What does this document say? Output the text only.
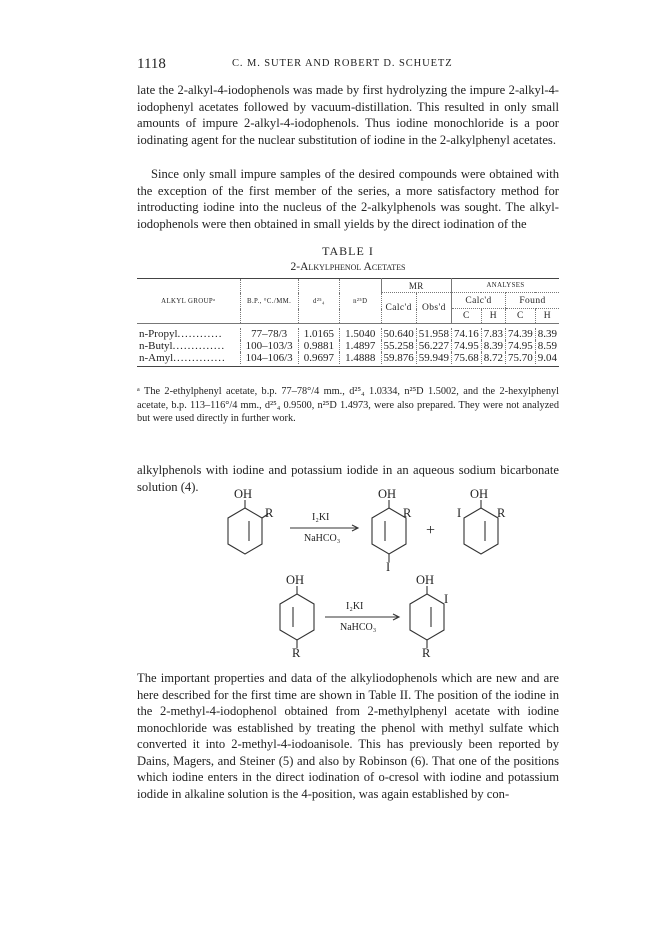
1118	C. M. SUTER AND ROBERT D. SCHUETZ
late the 2-alkyl-4-iodophenols was made by first hydrolyzing the impure 2-alkyl-4-iodophenyl acetates followed by vacuum-distillation. This resulted in only small amounts of impure 2-alkyl-4-iodophenols. Thus iodine monochloride is a poor iodinating agent for the nuclear substitution of iodine in the 2-alkylphenyl acetates.
Since only small impure samples of the desired compounds were obtained with the exception of the first member of the series, a more satisfactory method for introducting iodine into the nucleus of the 2-alkylphenols was sought. The alkyl-iodophenols were then obtained in small yields by the direct iodination of the
TABLE I
2-Alkylphenol Acetates
ALKYL GROUPᵃ	B.P., °C./MM.	d²⁵₄	n²⁵D	MR		ANALYSES			
				Calc'd	Obs'd	Calc'd		Found	
						C	H	C	H

n-Propyl............	77–78/3	1.0165	1.5040	50.640	51.958	74.16	7.83	74.39	8.39
n-Butyl..............	100–103/3	0.9881	1.4897	55.258	56.227	74.95	8.39	74.95	8.59
n-Amyl..............	104–106/3	0.9697	1.4888	59.876	59.949	75.68	8.72	75.70	9.04

ᵃ The 2-ethylphenyl acetate, b.p. 77–78°/4 mm., d²⁵₄ 1.0334, n²⁵D 1.5002, and the 2-hexylphenyl acetate, b.p. 113–116°/4 mm., d²⁵₄ 0.9500, n²⁵D 1.4973, were also prepared. They were not analyzed but were used directly in further work.
alkylphenols with iodine and potassium iodide in an aqueous sodium bicarbonate solution (4).
OH
R	I₂KI
NaHCO₃
OH
R
I
+
OH
I	R
OH
R
I₂KI
NaHCO₃
OH
I
R
The important properties and data of the alkyliodophenols which are new and are here described for the first time are shown in Table II. The position of the iodine in the 2-methyl-4-iodophenol obtained from 2-methylphenyl acetate with iodine monochloride was established by treating the phenol with methyl sulfate which converted it into 2-methyl-4-iodoanisole. This has previously been reported by Dains, Magers, and Steiner (5) and also by Robinson (6). That one of the positions which iodine enters in the direct iodination of o-cresol with iodine and potassium iodide in alkaline solution is the 4-position, was again established by con-
